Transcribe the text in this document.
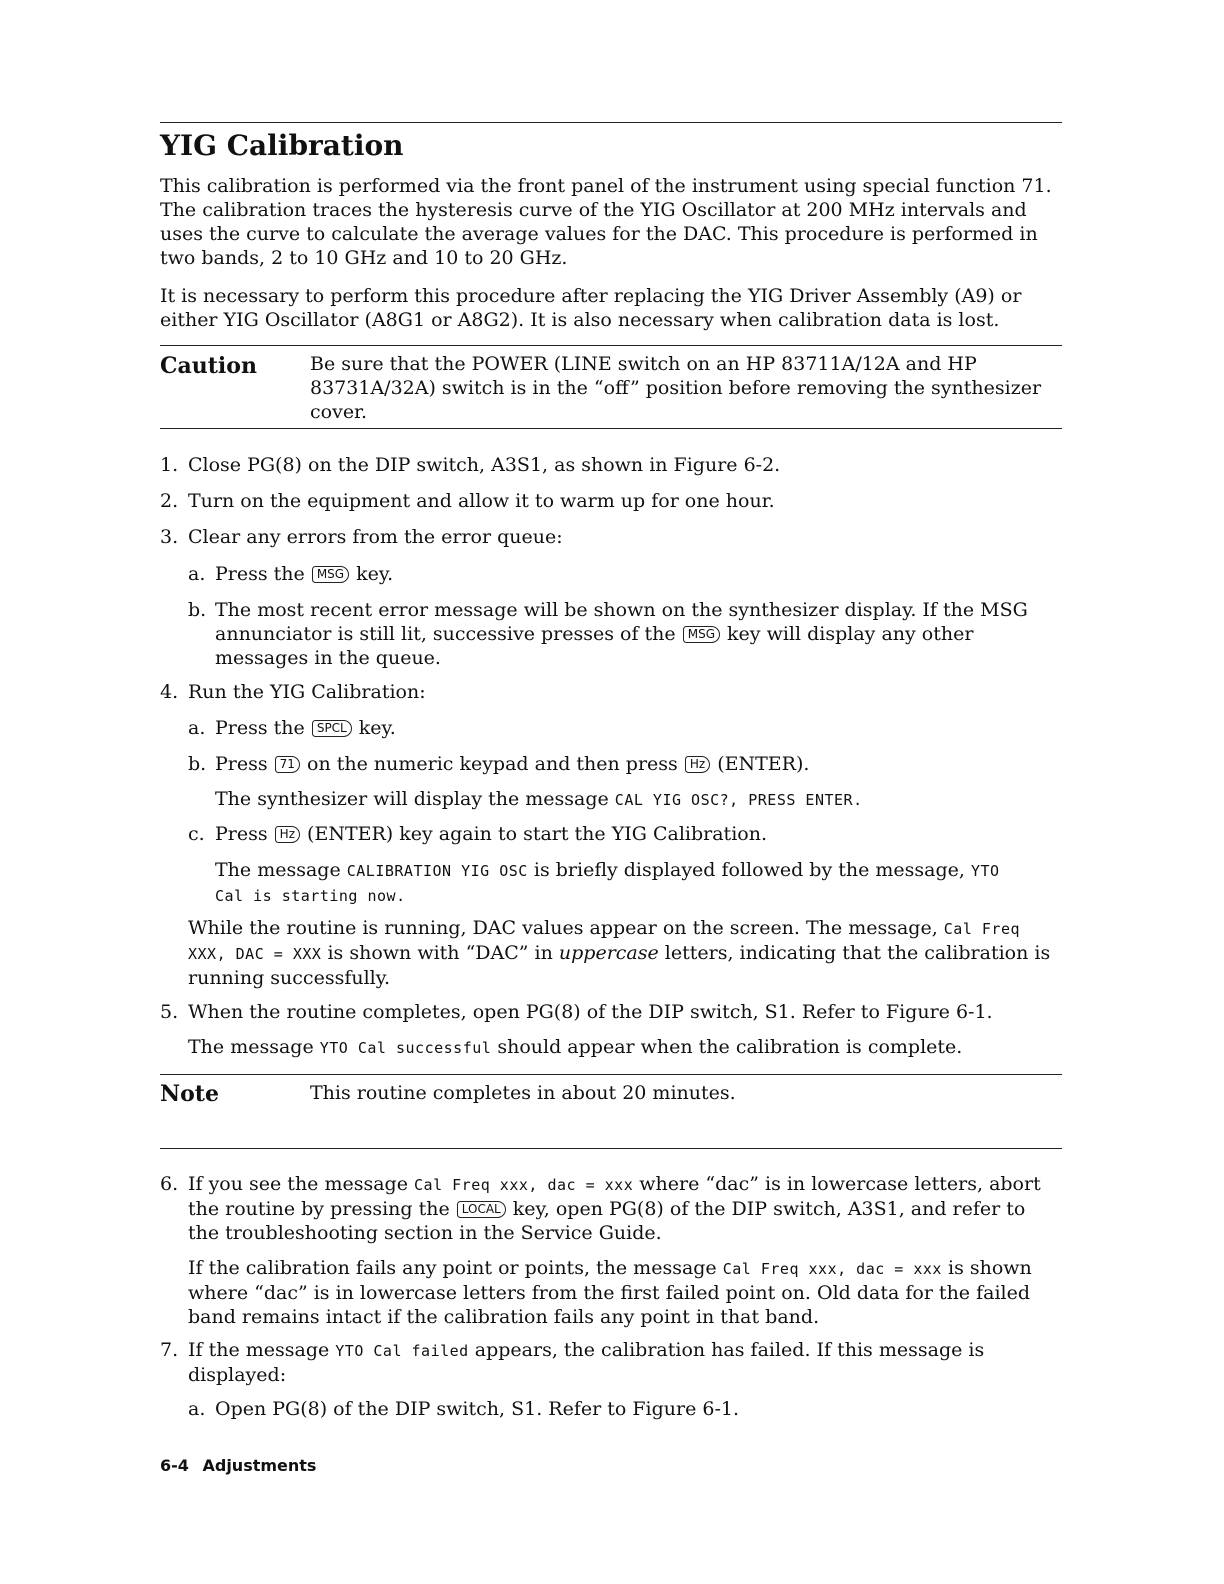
YIG Calibration

This calibration is performed via the front panel of the instrument using special function 71. The calibration traces the hysteresis curve of the YIG Oscillator at 200 MHz intervals and uses the curve to calculate the average values for the DAC. This procedure is performed in two bands, 2 to 10 GHz and 10 to 20 GHz.

It is necessary to perform this procedure after replacing the YIG Driver Assembly (A9) or either YIG Oscillator (A8G1 or A8G2). It is also necessary when calibration data is lost.

Caution	Be sure that the POWER (LINE switch on an HP 83711A/12A and HP 83731A/32A) switch is in the “off” position before removing the synthesizer cover.

1. Close PG(8) on the DIP switch, A3S1, as shown in Figure 6-2.

2. Turn on the equipment and allow it to warm up for one hour.

3. Clear any errors from the error queue:

a. Press the MSG key.

b. The most recent error message will be shown on the synthesizer display. If the MSG annunciator is still lit, successive presses of the MSG key will display any other messages in the queue.

4. Run the YIG Calibration:

a. Press the SPCL key.

b. Press 71 on the numeric keypad and then press Hz (ENTER).

The synthesizer will display the message CAL YIG OSC?, PRESS ENTER.

c. Press Hz (ENTER) key again to start the YIG Calibration.

The message CALIBRATION YIG OSC is briefly displayed followed by the message, YTO Cal is starting now.

While the routine is running, DAC values appear on the screen. The message, Cal Freq XXX, DAC = XXX is shown with “DAC” in uppercase letters, indicating that the calibration is running successfully.

5. When the routine completes, open PG(8) of the DIP switch, S1. Refer to Figure 6-1.

The message YTO Cal successful should appear when the calibration is complete.

Note	This routine completes in about 20 minutes.

6. If you see the message Cal Freq xxx, dac = xxx where “dac” is in lowercase letters, abort the routine by pressing the LOCAL key, open PG(8) of the DIP switch, A3S1, and refer to the troubleshooting section in the Service Guide.

If the calibration fails any point or points, the message Cal Freq xxx, dac = xxx is shown where “dac” is in lowercase letters from the first failed point on. Old data for the failed band remains intact if the calibration fails any point in that band.

7. If the message YTO Cal failed appears, the calibration has failed. If this message is displayed:

a. Open PG(8) of the DIP switch, S1. Refer to Figure 6-1.

6-4 Adjustments
